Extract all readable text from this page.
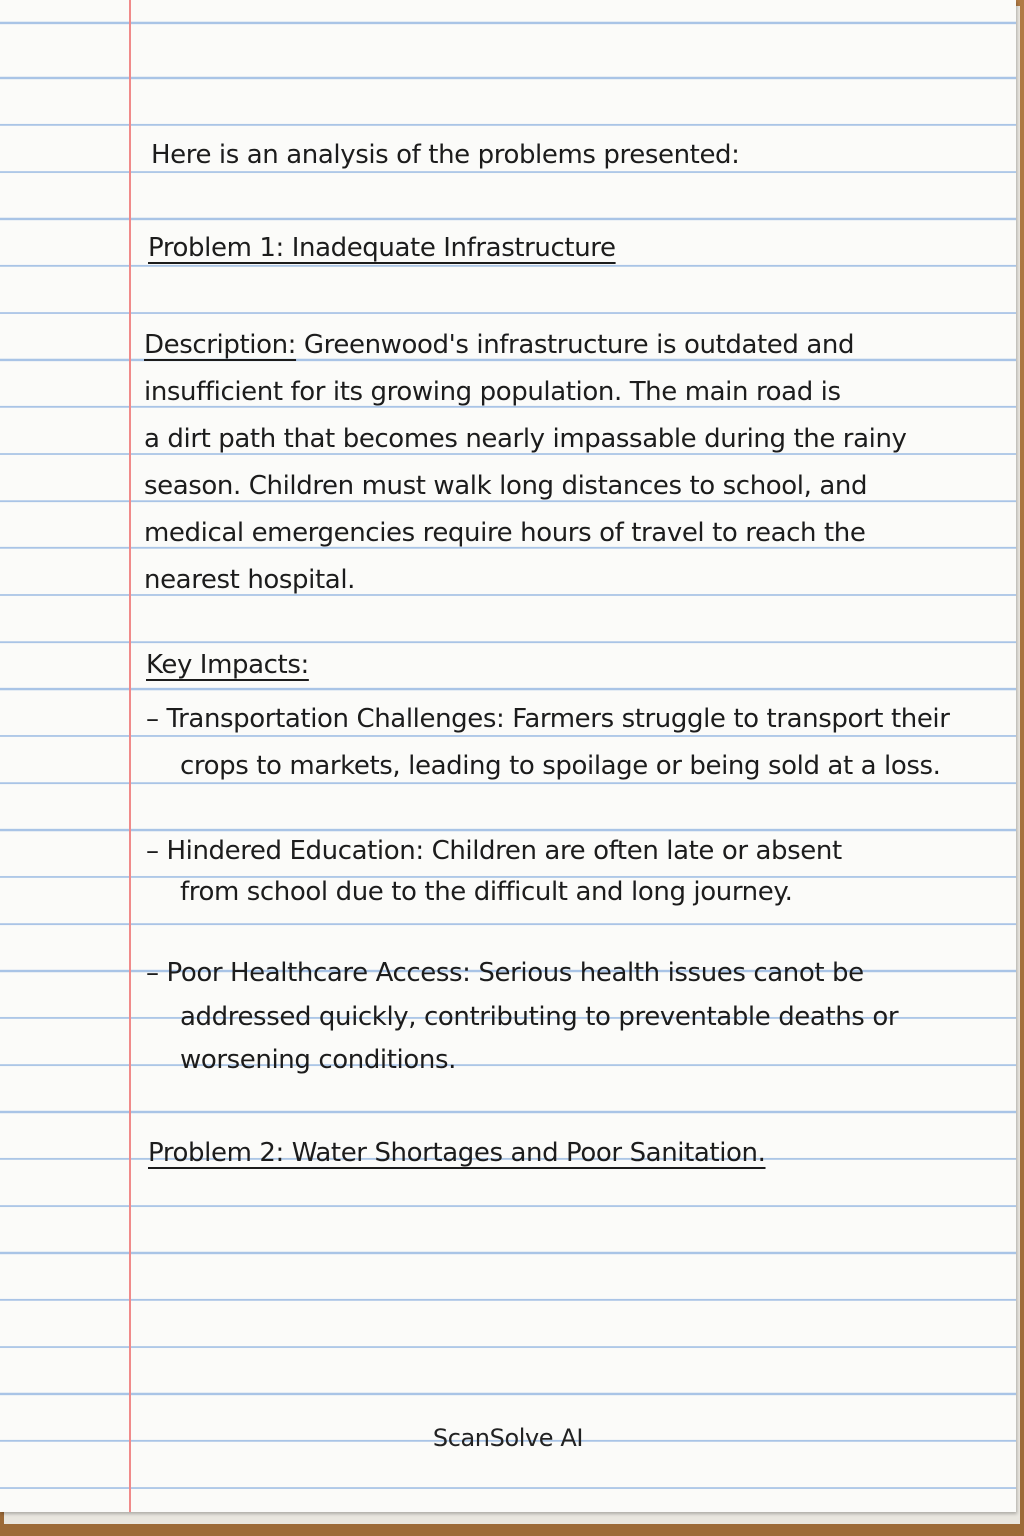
Here is an analysis of the problems presented:
Problem 1: Inadequate Infrastructure
Description: Greenwood's infrastructure is outdated and
insufficient for its growing population. The main road is
a dirt path that becomes nearly impassable during the rainy
season. Children must walk long distances to school, and
medical emergencies require hours of travel to reach the
nearest hospital.
Key Impacts:
– Transportation Challenges: Farmers struggle to transport their
crops to markets, leading to spoilage or being sold at a loss.
– Hindered Education: Children are often late or absent
from school due to the difficult and long journey.
– Poor Healthcare Access: Serious health issues canot be
addressed quickly, contributing to preventable deaths or
worsening conditions.
Problem 2: Water Shortages and Poor Sanitation.
ScanSolve AI
